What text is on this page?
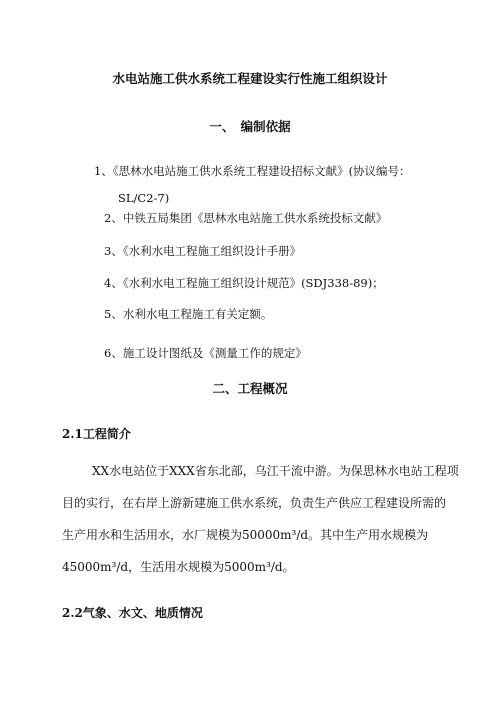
水电站施工供水系统工程建设实行性施工组织设计
一、　编制依据
1、《思林水电站施工供水系统工程建设招标文献》(协议编号：
SL/C2-7)
2、中铁五局集团《思林水电站施工供水系统投标文献》
3、《水利水电工程施工组织设计手册》
4、《水利水电工程施工组织设计规范》(SDJ338-89)；
5、水利水电工程施工有关定额。
6、施工设计图纸及《测量工作的规定》
二、工程概况
2.1工程简介
XX水电站位于XXX省东北部，乌江干流中游。为保思林水电站工程项
目的实行，在右岸上游新建施工供水系统，负责生产供应工程建设所需的
生产用水和生活用水，水厂规模为50000m³/d。其中生产用水规模为
45000m³/d，生活用水规模为5000m³/d。
2.2气象、水文、地质情况
